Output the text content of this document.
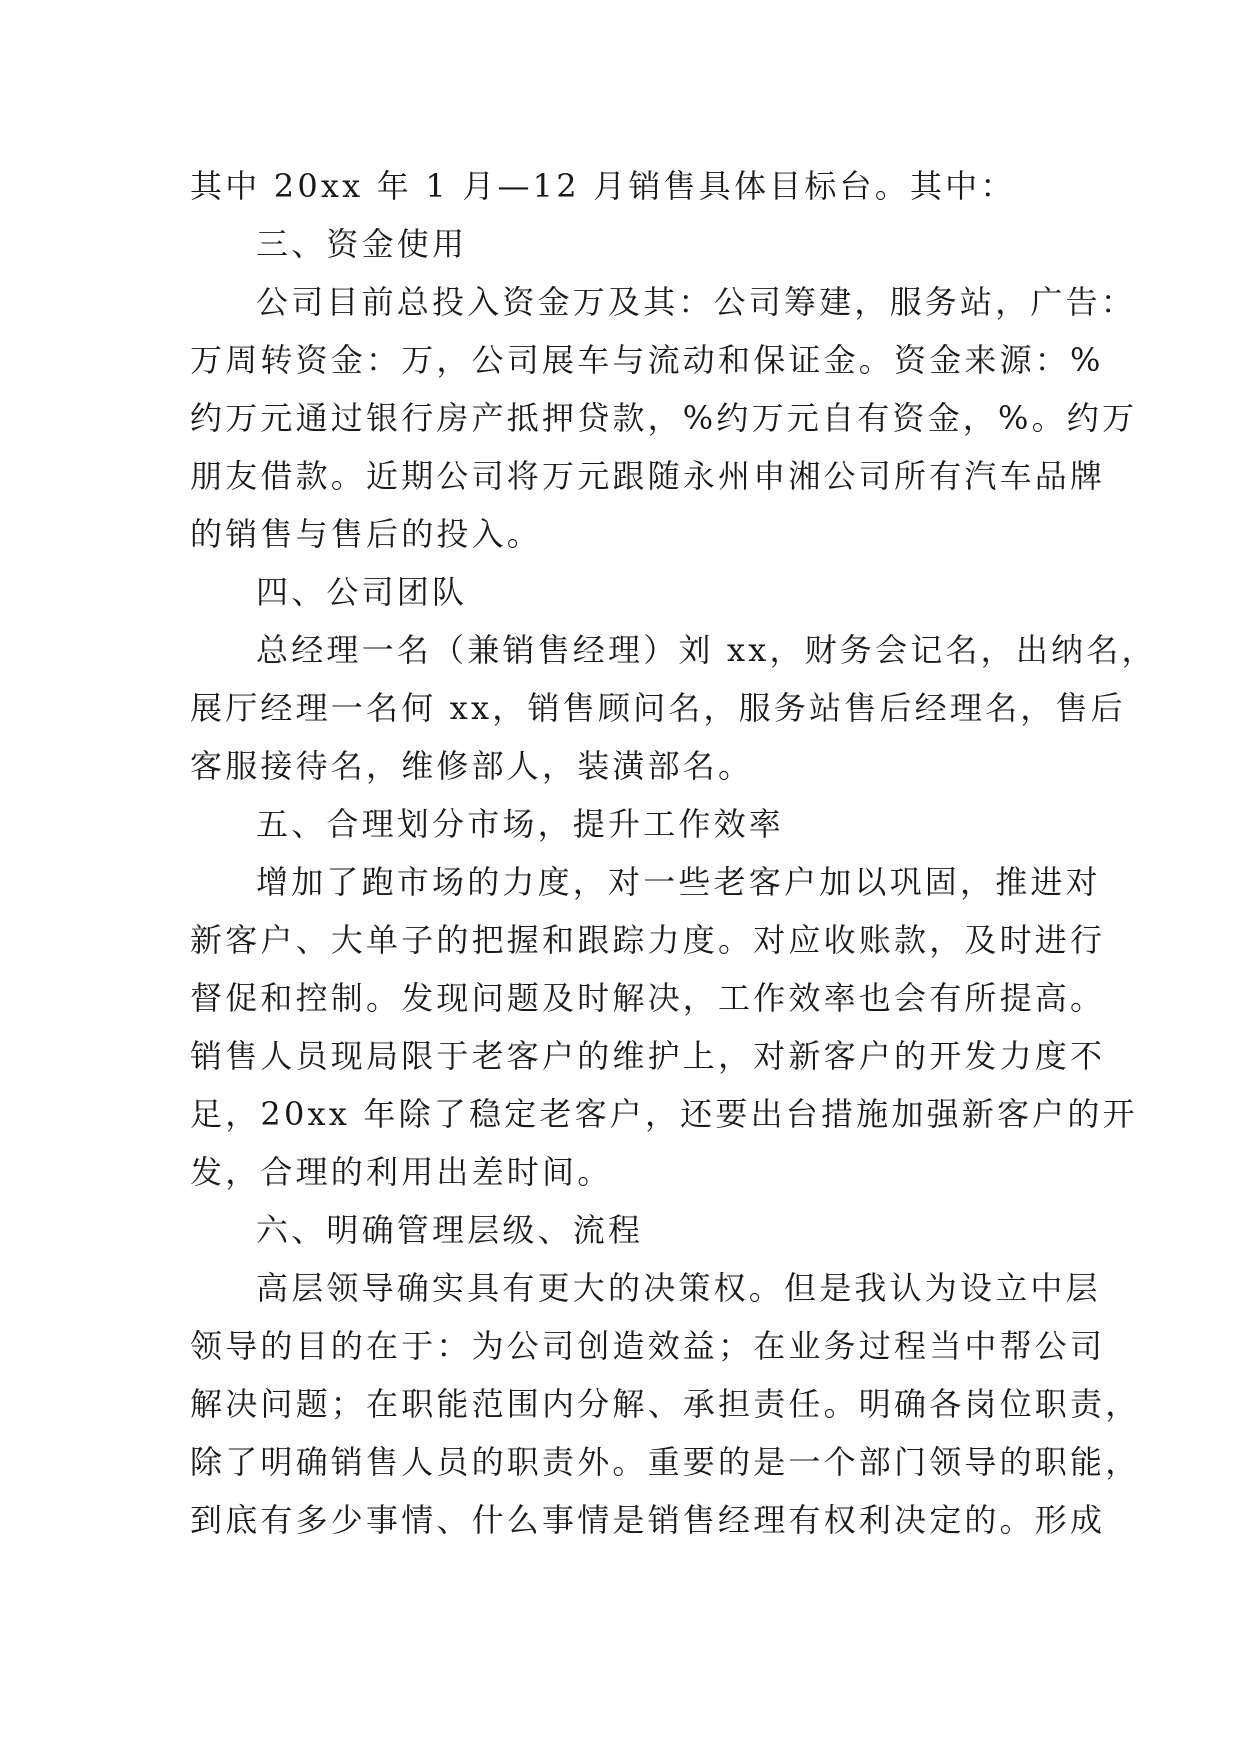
其中 20xx 年 1 月—12 月销售具体目标台。其中：
三、资金使用
公司目前总投入资金万及其：公司筹建，服务站，广告：
万周转资金：万，公司展车与流动和保证金。资金来源：%
约万元通过银行房产抵押贷款，%约万元自有资金，%。约万
朋友借款。近期公司将万元跟随永州申湘公司所有汽车品牌
的销售与售后的投入。
四、公司团队
总经理一名（兼销售经理）刘 xx，财务会记名，出纳名，
展厅经理一名何 xx，销售顾问名，服务站售后经理名，售后
客服接待名，维修部人，装潢部名。
五、合理划分市场，提升工作效率
增加了跑市场的力度，对一些老客户加以巩固，推进对
新客户、大单子的把握和跟踪力度。对应收账款，及时进行
督促和控制。发现问题及时解决，工作效率也会有所提高。
销售人员现局限于老客户的维护上，对新客户的开发力度不
足，20xx 年除了稳定老客户，还要出台措施加强新客户的开
发，合理的利用出差时间。
六、明确管理层级、流程
高层领导确实具有更大的决策权。但是我认为设立中层
领导的目的在于：为公司创造效益；在业务过程当中帮公司
解决问题；在职能范围内分解、承担责任。明确各岗位职责，
除了明确销售人员的职责外。重要的是一个部门领导的职能，
到底有多少事情、什么事情是销售经理有权利决定的。形成
